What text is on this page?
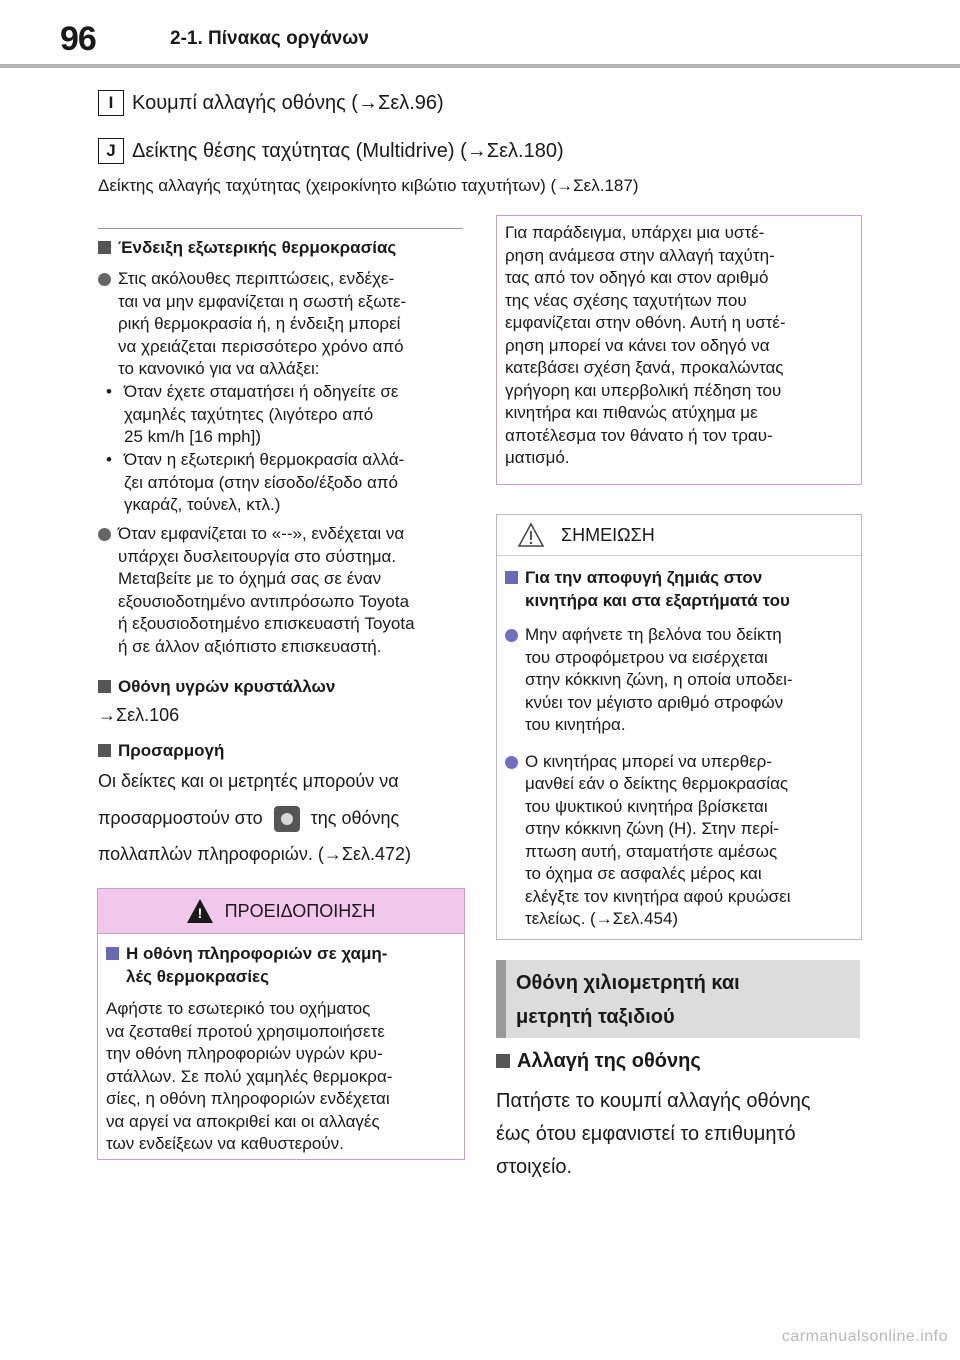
96	2-1. Πίνακας οργάνων
I Κουμπί αλλαγής οθόνης (→Σελ.96)
J Δείκτης θέσης ταχύτητας (Multidrive) (→Σελ.180)
Δείκτης αλλαγής ταχύτητας (χειροκίνητο κιβώτιο ταχυτήτων) (→Σελ.187)
Ένδειξη εξωτερικής θερμοκρασίας
Στις ακόλουθες περιπτώσεις, ενδέχε-
ται να μην εμφανίζεται η σωστή εξωτε-
ρική θερμοκρασία ή, η ένδειξη μπορεί
να χρειάζεται περισσότερο χρόνο από
το κανονικό για να αλλάξει:
• Όταν έχετε σταματήσει ή οδηγείτε σε
χαμηλές ταχύτητες (λιγότερο από
25 km/h [16 mph])
• Όταν η εξωτερική θερμοκρασία αλλά-
ζει απότομα (στην είσοδο/έξοδο από
γκαράζ, τούνελ, κτλ.)
Όταν εμφανίζεται το «--», ενδέχεται να
υπάρχει δυσλειτουργία στο σύστημα.
Μεταβείτε με το όχημά σας σε έναν
εξουσιοδοτημένο αντιπρόσωπο Toyota
ή εξουσιοδοτημένο επισκευαστή Toyota
ή σε άλλον αξιόπιστο επισκευαστή.
Οθόνη υγρών κρυστάλλων
→Σελ.106
Προσαρμογή
Οι δείκτες και οι μετρητές μπορούν να
προσαρμοστούν στο	της οθόνης
πολλαπλών πληροφοριών. (→Σελ.472)
! ΠΡΟΕΙΔΟΠΟΙΗΣΗ
Η οθόνη πληροφοριών σε χαμη-
λές θερμοκρασίες
Αφήστε το εσωτερικό του οχήματος
να ζεσταθεί προτού χρησιμοποιήσετε
την οθόνη πληροφοριών υγρών κρυ-
στάλλων. Σε πολύ χαμηλές θερμοκρα-
σίες, η οθόνη πληροφοριών ενδέχεται
να αργεί να αποκριθεί και οι αλλαγές
των ενδείξεων να καθυστερούν.
Για παράδειγμα, υπάρχει μια υστέ-
ρηση ανάμεσα στην αλλαγή ταχύτη-
τας από τον οδηγό και στον αριθμό
της νέας σχέσης ταχυτήτων που
εμφανίζεται στην οθόνη. Αυτή η υστέ-
ρηση μπορεί να κάνει τον οδηγό να
κατεβάσει σχέση ξανά, προκαλώντας
γρήγορη και υπερβολική πέδηση του
κινητήρα και πιθανώς ατύχημα με
αποτέλεσμα τον θάνατο ή τον τραυ-
ματισμό.
ΣΗΜΕΙΩΣΗ
Για την αποφυγή ζημιάς στον
κινητήρα και στα εξαρτήματά του
Μην αφήνετε τη βελόνα του δείκτη
του στροφόμετρου να εισέρχεται
στην κόκκινη ζώνη, η οποία υποδει-
κνύει τον μέγιστο αριθμό στροφών
του κινητήρα.
Ο κινητήρας μπορεί να υπερθερ-
μανθεί εάν ο δείκτης θερμοκρασίας
του ψυκτικού κινητήρα βρίσκεται
στην κόκκινη ζώνη (H). Στην περί-
πτωση αυτή, σταματήστε αμέσως
το όχημα σε ασφαλές μέρος και
ελέγξτε τον κινητήρα αφού κρυώσει
τελείως. (→Σελ.454)
Οθόνη χιλιομετρητή και
μετρητή ταξιδιού
Αλλαγή της οθόνης
Πατήστε το κουμπί αλλαγής οθόνης
έως ότου εμφανιστεί το επιθυμητό
στοιχείο.
carmanualsonline.info
